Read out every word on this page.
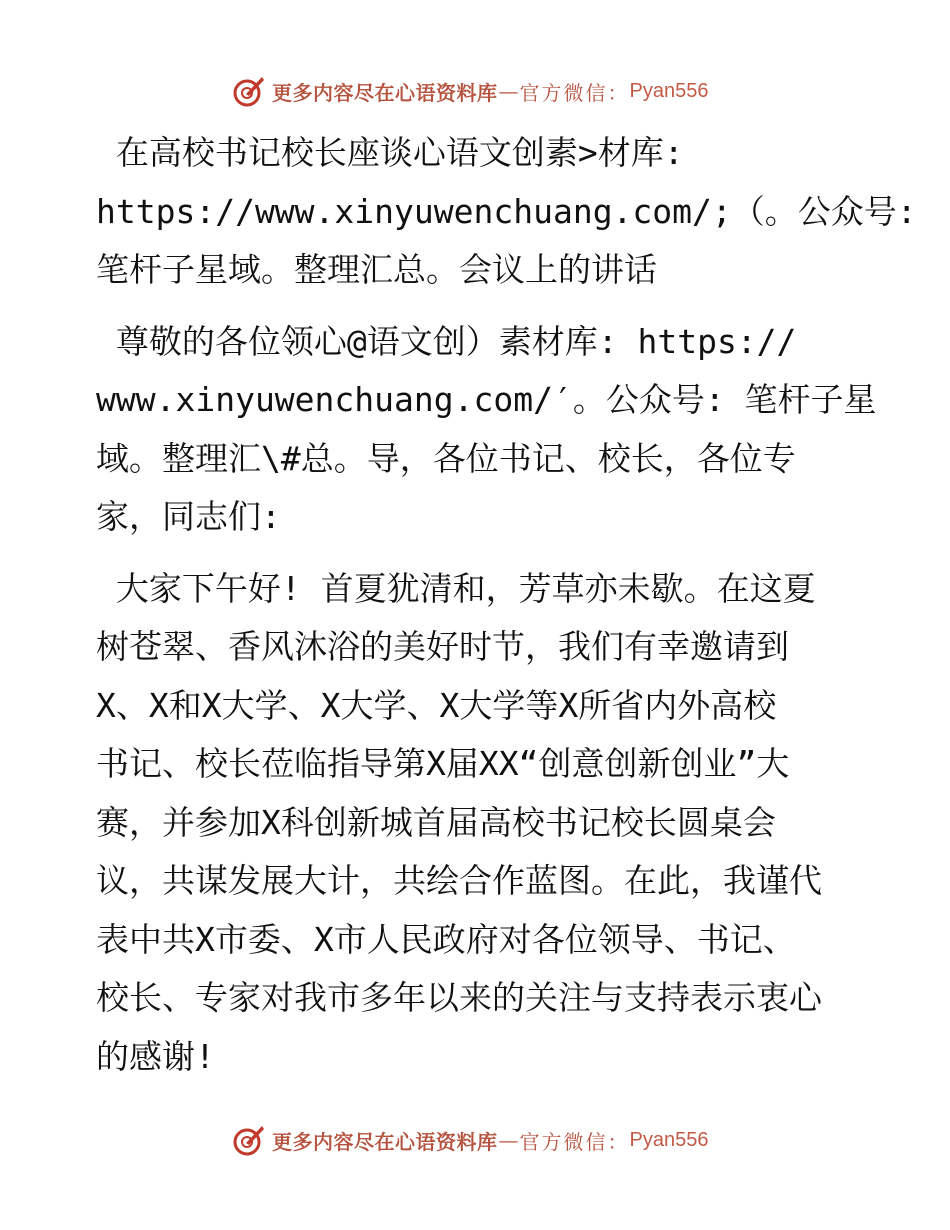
更多内容尽在心语资料库 — 官方微信： Pyan556

在高校书记校长座谈心语文创素>材库:
https://www.xinyuwenchuang.com/;（。公众号:
笔杆子星域。整理汇总。会议上的讲话

尊敬的各位领心@语文创）素材库: https://
www.xinyuwenchuang.com/′。公众号: 笔杆子星
域。整理汇\#总。导，各位书记、校长，各位专
家，同志们:

大家下午好! 首夏犹清和，芳草亦未歇。在这夏
树苍翠、香风沐浴的美好时节，我们有幸邀请到
X、X和X大学、X大学、X大学等X所省内外高校
书记、校长莅临指导第X届XX“创意创新创业”大
赛，并参加X科创新城首届高校书记校长圆桌会
议，共谋发展大计，共绘合作蓝图。在此，我谨代
表中共X市委、X市人民政府对各位领导、书记、
校长、专家对我市多年以来的关注与支持表示衷心
的感谢!

更多内容尽在心语资料库 — 官方微信： Pyan556
